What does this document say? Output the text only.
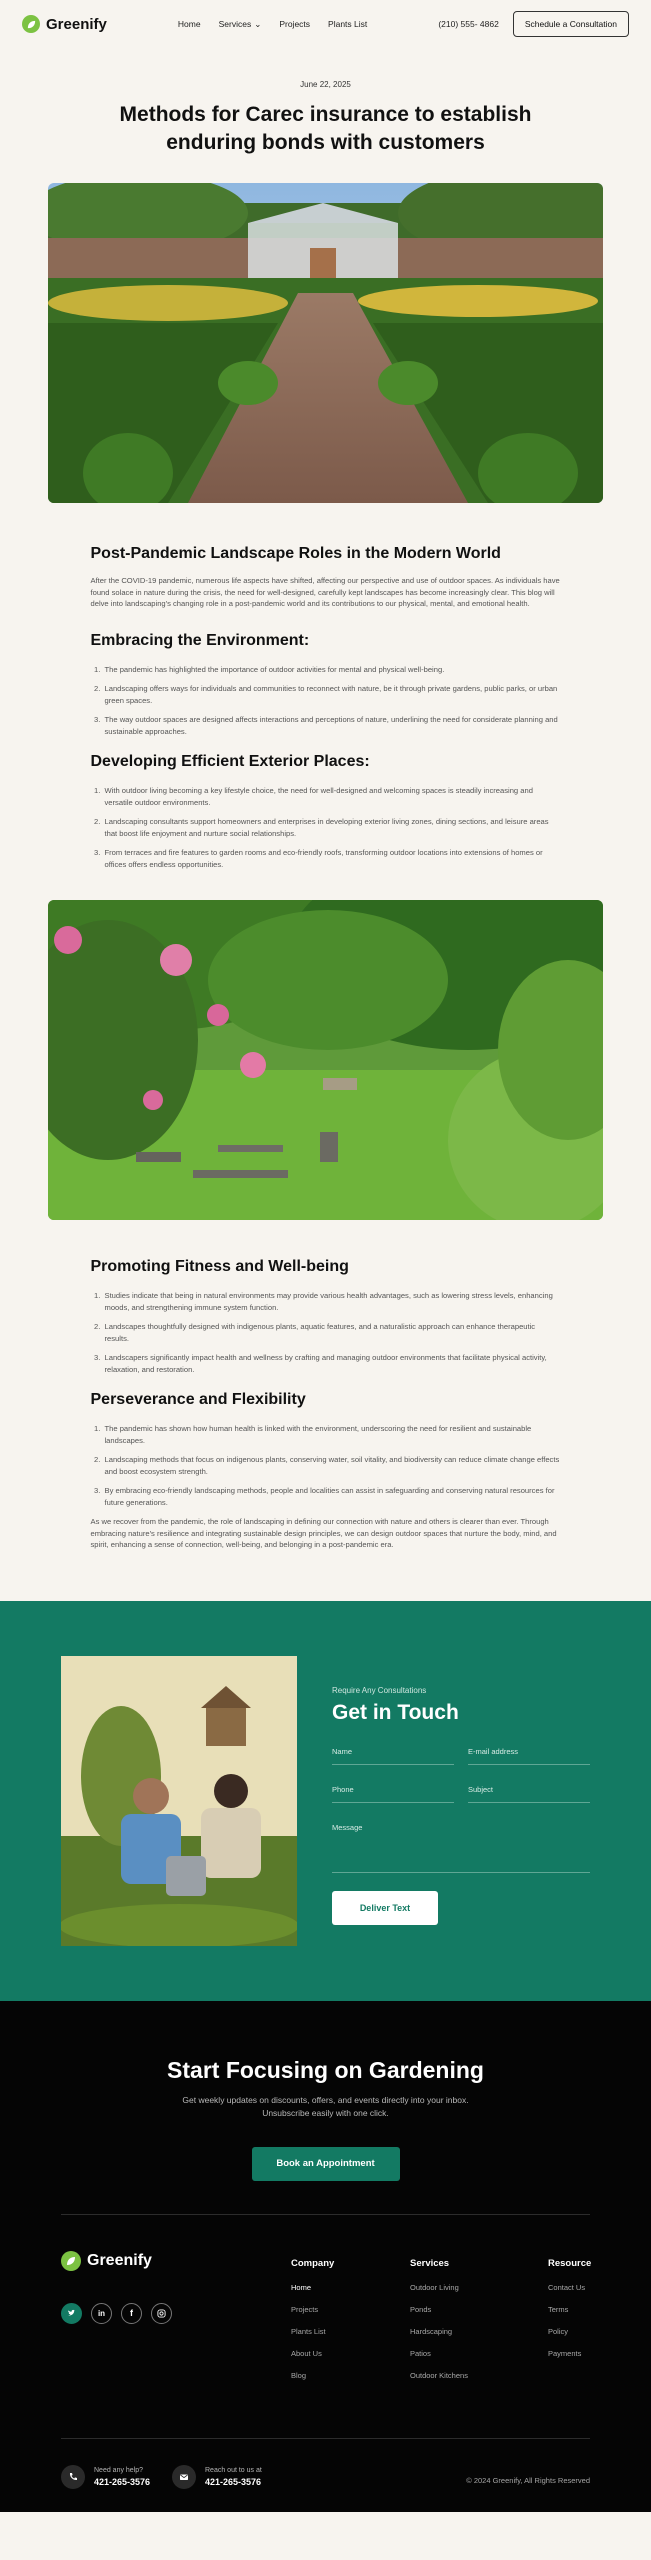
Greenify	Home Services ⌄ Projects Plants List	(210) 555- 4862	Schedule a Consultation
June 22, 2025
Methods for Carec insurance to establish enduring bonds with customers
Post-Pandemic Landscape Roles in the Modern World

After the COVID-19 pandemic, numerous life aspects have shifted, affecting our perspective and use of outdoor spaces. As individuals have found solace in nature during the crisis, the need for well-designed, carefully kept landscapes has become increasingly clear. This blog will delve into landscaping's changing role in a post-pandemic world and its contributions to our physical, mental, and emotional health.

Embracing the Environment:
1. The pandemic has highlighted the importance of outdoor activities for mental and physical well-being.
2. Landscaping offers ways for individuals and communities to reconnect with nature, be it through private gardens, public parks, or urban green spaces.
3. The way outdoor spaces are designed affects interactions and perceptions of nature, underlining the need for considerate planning and sustainable approaches.
Developing Efficient Exterior Places:
1. With outdoor living becoming a key lifestyle choice, the need for well-designed and welcoming spaces is steadily increasing and versatile outdoor environments.
2. Landscaping consultants support homeowners and enterprises in developing exterior living zones, dining sections, and leisure areas that boost life enjoyment and nurture social relationships.
3. From terraces and fire features to garden rooms and eco-friendly roofs, transforming outdoor locations into extensions of homes or offices offers endless opportunities.
Promoting Fitness and Well-being
1. Studies indicate that being in natural environments may provide various health advantages, such as lowering stress levels, enhancing moods, and strengthening immune system function.
2. Landscapes thoughtfully designed with indigenous plants, aquatic features, and a naturalistic approach can enhance therapeutic results.
3. Landscapers significantly impact health and wellness by crafting and managing outdoor environments that facilitate physical activity, relaxation, and restoration.
Perseverance and Flexibility
1. The pandemic has shown how human health is linked with the environment, underscoring the need for resilient and sustainable landscapes.
2. Landscaping methods that focus on indigenous plants, conserving water, soil vitality, and biodiversity can reduce climate change effects and boost ecosystem strength.
3. By embracing eco-friendly landscaping methods, people and localities can assist in safeguarding and conserving natural resources for future generations.

As we recover from the pandemic, the role of landscaping in defining our connection with nature and others is clearer than ever. Through embracing nature's resilience and integrating sustainable design principles, we can design outdoor spaces that nurture the body, mind, and spirit, enhancing a sense of connection, well-being, and belonging in a post-pandemic era.

Require Any Consultations
Get in Touch
Name	E-mail address
Phone	Subject
Message
Deliver Text
Start Focusing on Gardening
Get weekly updates on discounts, offers, and events directly into your inbox.
Unsubscribe easily with one click.
Book an Appointment
Greenify
in	f
Company
Home
Projects
Plants List
About Us
Blog
Services
Outdoor Living
Ponds
Hardscaping
Patios
Outdoor Kitchens
Resource
Contact Us
Terms
Policy
Payments
Need any help?
421-265-3576
Reach out to us at
421-265-3576	© 2024 Greenify, All Rights Reserved
